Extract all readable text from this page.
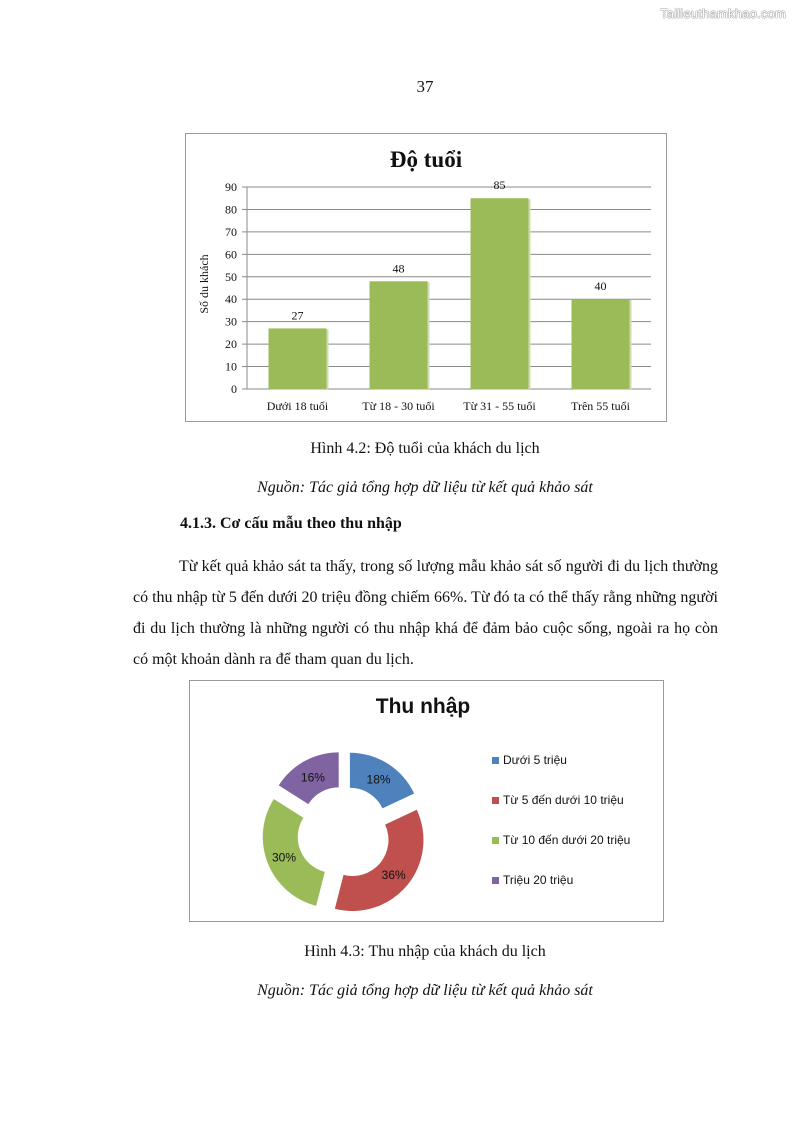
Tailieuthamkhao.com
37
Độ tuổi
Số du khách
0
10
20
30
40
50
60
70
80
90
27
48
85
40
Dưới 18 tuổi	Từ 18 - 30 tuổi Từ 31 - 55 tuổi	Trên 55 tuổi
Hình 4.2: Độ tuổi của khách du lịch
Nguồn: Tác giả tổng hợp dữ liệu từ kết quả khảo sát
4.1.3. Cơ cấu mẫu theo thu nhập
Từ kết quả khảo sát ta thấy, trong số lượng mẫu khảo sát số người đi du lịch thường có thu nhập từ 5 đến dưới 20 triệu đồng chiếm 66%. Từ đó ta có thể thấy rằng những người đi du lịch thường là những người có thu nhập khá để đảm bảo cuộc sống, ngoài ra họ còn có một khoản dành ra để tham quan du lịch.
Thu nhập
18%
36%
30%
16%
Dưới 5 triệu
Từ 5 đến dưới 10 triệu
Từ 10 đến dưới 20 triệu
Triệu 20 triệu
Hình 4.3: Thu nhập của khách du lịch
Nguồn: Tác giả tổng hợp dữ liệu từ kết quả khảo sát
